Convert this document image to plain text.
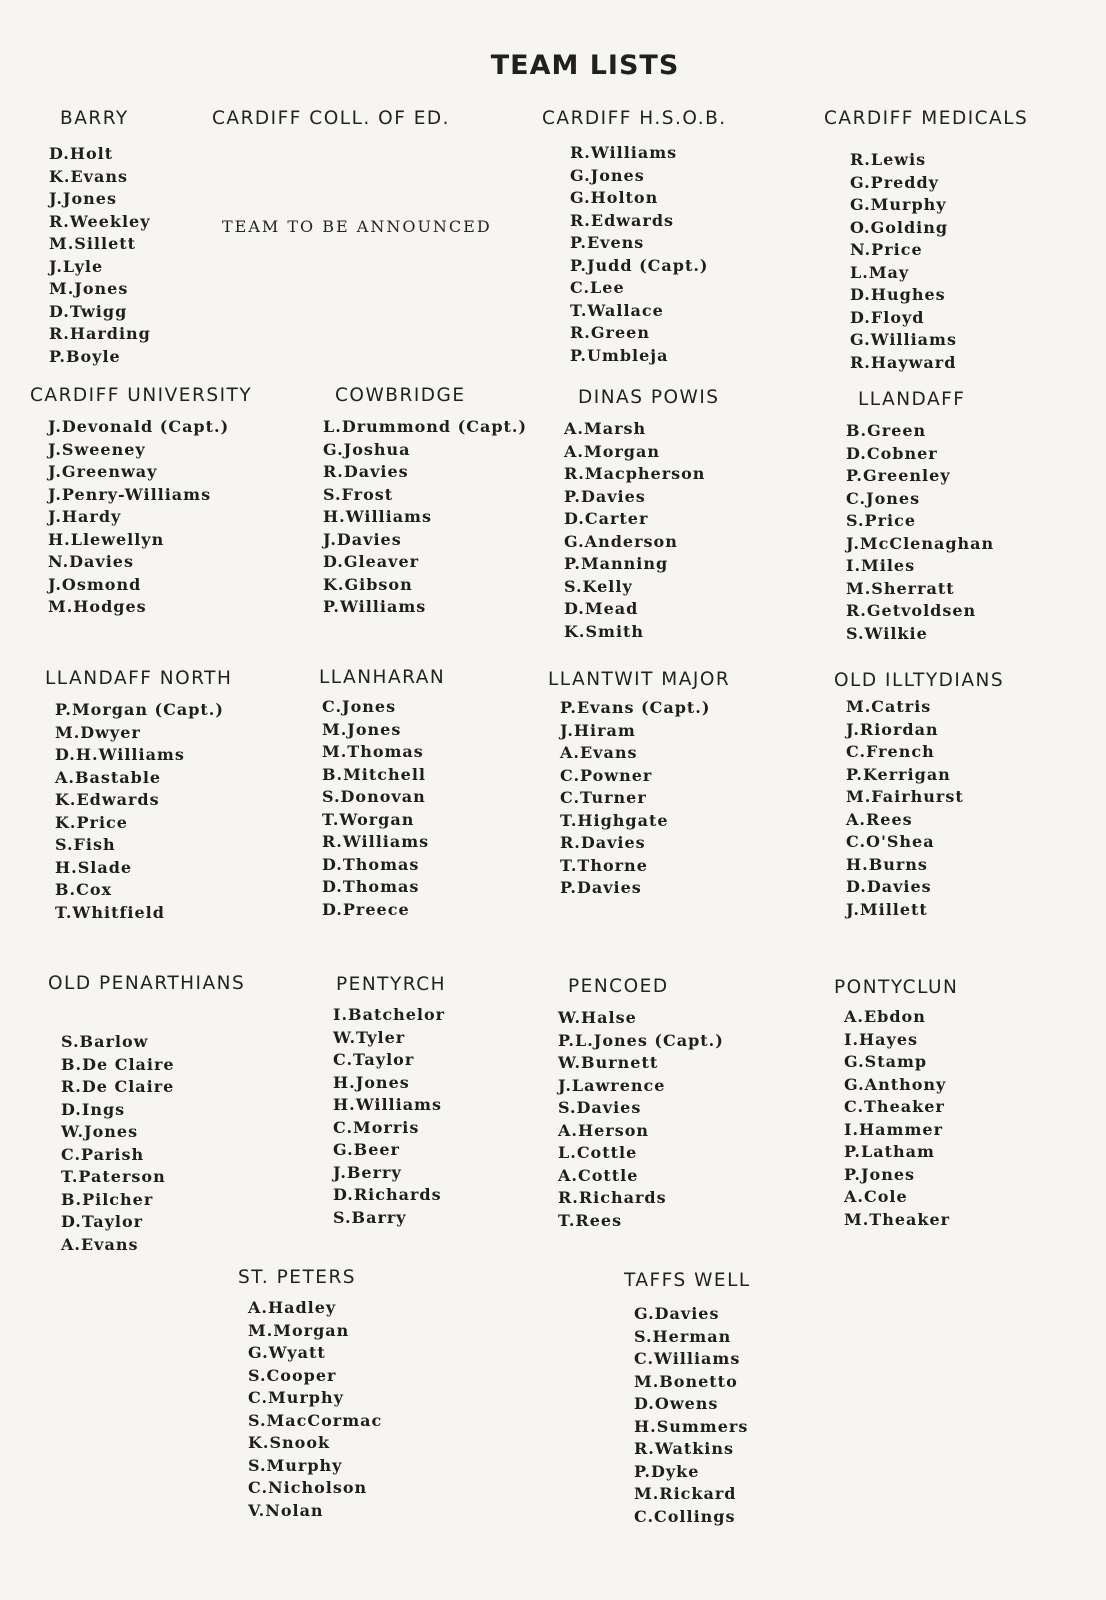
TEAM LISTS
BARRY
D.Holt
K.Evans
J.Jones
R.Weekley
M.Sillett
J.Lyle
M.Jones
D.Twigg
R.Harding
P.Boyle
CARDIFF COLL. OF ED.
TEAM TO BE ANNOUNCED
CARDIFF H.S.O.B.
R.Williams
G.Jones
G.Holton
R.Edwards
P.Evens
P.Judd (Capt.)
C.Lee
T.Wallace
R.Green
P.Umbleja
CARDIFF MEDICALS
R.Lewis
G.Preddy
G.Murphy
O.Golding
N.Price
L.May
D.Hughes
D.Floyd
G.Williams
R.Hayward
CARDIFF UNIVERSITY
J.Devonald (Capt.)
J.Sweeney
J.Greenway
J.Penry-Williams
J.Hardy
H.Llewellyn
N.Davies
J.Osmond
M.Hodges
COWBRIDGE
L.Drummond (Capt.)
G.Joshua
R.Davies
S.Frost
H.Williams
J.Davies
D.Gleaver
K.Gibson
P.Williams
DINAS POWIS
A.Marsh
A.Morgan
R.Macpherson
P.Davies
D.Carter
G.Anderson
P.Manning
S.Kelly
D.Mead
K.Smith
LLANDAFF
B.Green
D.Cobner
P.Greenley
C.Jones
S.Price
J.McClenaghan
I.Miles
M.Sherratt
R.Getvoldsen
S.Wilkie
LLANDAFF NORTH
P.Morgan (Capt.)
M.Dwyer
D.H.Williams
A.Bastable
K.Edwards
K.Price
S.Fish
H.Slade
B.Cox
T.Whitfield
LLANHARAN
C.Jones
M.Jones
M.Thomas
B.Mitchell
S.Donovan
T.Worgan
R.Williams
D.Thomas
D.Thomas
D.Preece
LLANTWIT MAJOR
P.Evans (Capt.)
J.Hiram
A.Evans
C.Powner
C.Turner
T.Highgate
R.Davies
T.Thorne
P.Davies
OLD ILLTYDIANS
M.Catris
J.Riordan
C.French
P.Kerrigan
M.Fairhurst
A.Rees
C.O'Shea
H.Burns
D.Davies
J.Millett
OLD PENARTHIANS
S.Barlow
B.De Claire
R.De Claire
D.Ings
W.Jones
C.Parish
T.Paterson
B.Pilcher
D.Taylor
A.Evans
PENTYRCH
I.Batchelor
W.Tyler
C.Taylor
H.Jones
H.Williams
C.Morris
G.Beer
J.Berry
D.Richards
S.Barry
PENCOED
W.Halse
P.L.Jones (Capt.)
W.Burnett
J.Lawrence
S.Davies
A.Herson
L.Cottle
A.Cottle
R.Richards
T.Rees
PONTYCLUN
A.Ebdon
I.Hayes
G.Stamp
G.Anthony
C.Theaker
I.Hammer
P.Latham
P.Jones
A.Cole
M.Theaker
ST. PETERS
A.Hadley
M.Morgan
G.Wyatt
S.Cooper
C.Murphy
S.MacCormac
K.Snook
S.Murphy
C.Nicholson
V.Nolan
TAFFS WELL
G.Davies
S.Herman
C.Williams
M.Bonetto
D.Owens
H.Summers
R.Watkins
P.Dyke
M.Rickard
C.Collings
